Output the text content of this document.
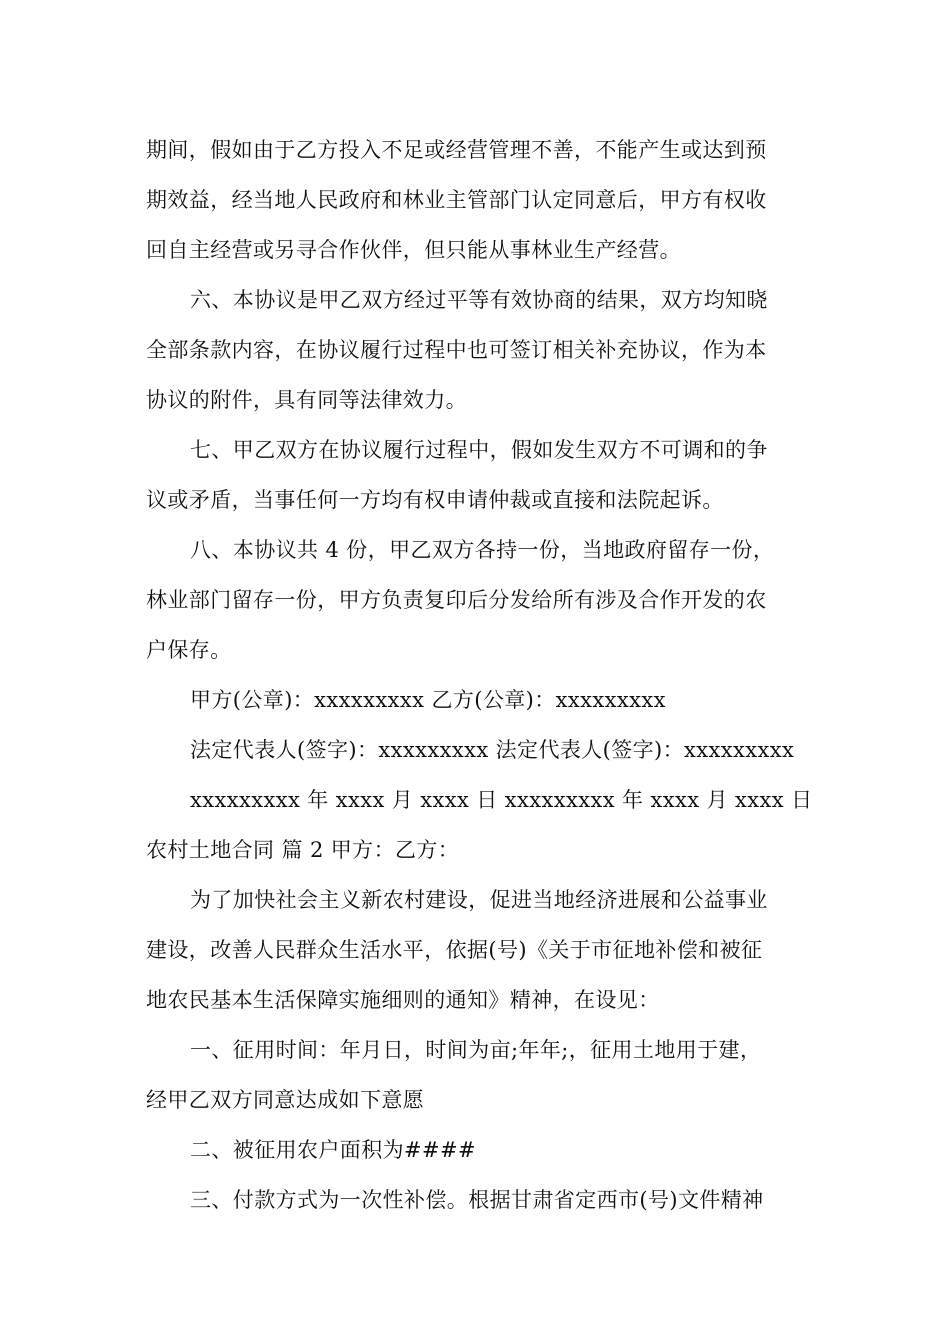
期间，假如由于乙方投入不足或经营管理不善，不能产生或达到预
期效益，经当地人民政府和林业主管部门认定同意后，甲方有权收
回自主经营或另寻合作伙伴，但只能从事林业生产经营。
六、本协议是甲乙双方经过平等有效协商的结果，双方均知晓
全部条款内容，在协议履行过程中也可签订相关补充协议，作为本
协议的附件，具有同等法律效力。
七、甲乙双方在协议履行过程中，假如发生双方不可调和的争
议或矛盾，当事任何一方均有权申请仲裁或直接和法院起诉。
八、本协议共 4 份，甲乙双方各持一份，当地政府留存一份，
林业部门留存一份，甲方负责复印后分发给所有涉及合作开发的农
户保存。
甲方(公章)：xxxxxxxxx 乙方(公章)：xxxxxxxxx
法定代表人(签字)：xxxxxxxxx 法定代表人(签字)：xxxxxxxxx
xxxxxxxxx 年 xxxx 月 xxxx 日 xxxxxxxxx 年 xxxx 月 xxxx 日
农村土地合同 篇 2 甲方：乙方：
为了加快社会主义新农村建设，促进当地经济进展和公益事业
建设，改善人民群众生活水平，依据(号)《关于市征地补偿和被征
地农民基本生活保障实施细则的通知》精神，在设见：
一、征用时间：年月日，时间为亩;年年;，征用土地用于建，
经甲乙双方同意达成如下意愿
二、被征用农户面积为####
三、付款方式为一次性补偿。根据甘肃省定西市(号)文件精神
